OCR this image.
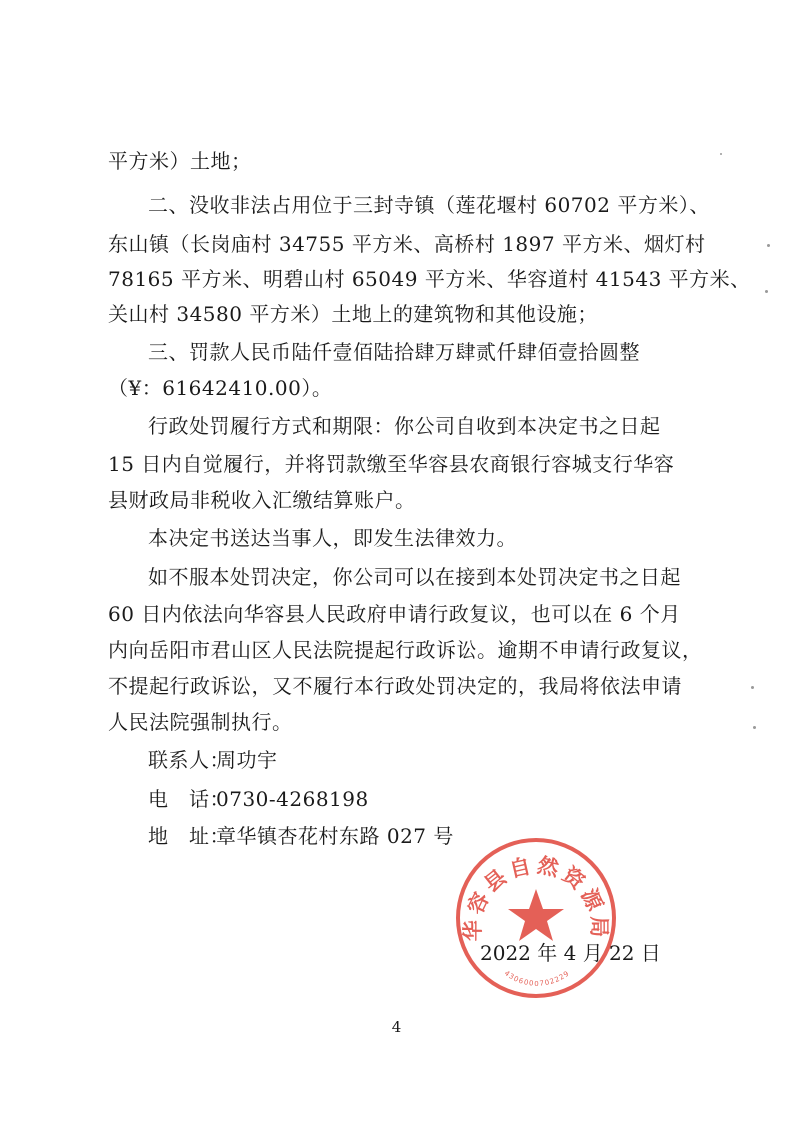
平方米）土地；
二、没收非法占用位于三封寺镇（莲花堰村 60702 平方米）、
东山镇（长岗庙村 34755 平方米、高桥村 1897 平方米、烟灯村
78165 平方米、明碧山村 65049 平方米、华容道村 41543 平方米、
关山村 34580 平方米）土地上的建筑物和其他设施；
三、罚款人民币陆仟壹佰陆拾肆万肆贰仟肆佰壹拾圆整
（¥：61642410.00）。
行政处罚履行方式和期限：你公司自收到本决定书之日起
15 日内自觉履行，并将罚款缴至华容县农商银行容城支行华容
县财政局非税收入汇缴结算账户。
本决定书送达当事人，即发生法律效力。
如不服本处罚决定，你公司可以在接到本处罚决定书之日起
60 日内依法向华容县人民政府申请行政复议，也可以在 6 个月
内向岳阳市君山区人民法院提起行政诉讼。逾期不申请行政复议，
不提起行政诉讼，又不履行本行政处罚决定的，我局将依法申请
人民法院强制执行。
联系人：周功宇
电　话：0730-4268198
地　址：章华镇杏花村东路 027 号
华容县自然资源局
4306000702229
2022 年 4 月 22 日
4
